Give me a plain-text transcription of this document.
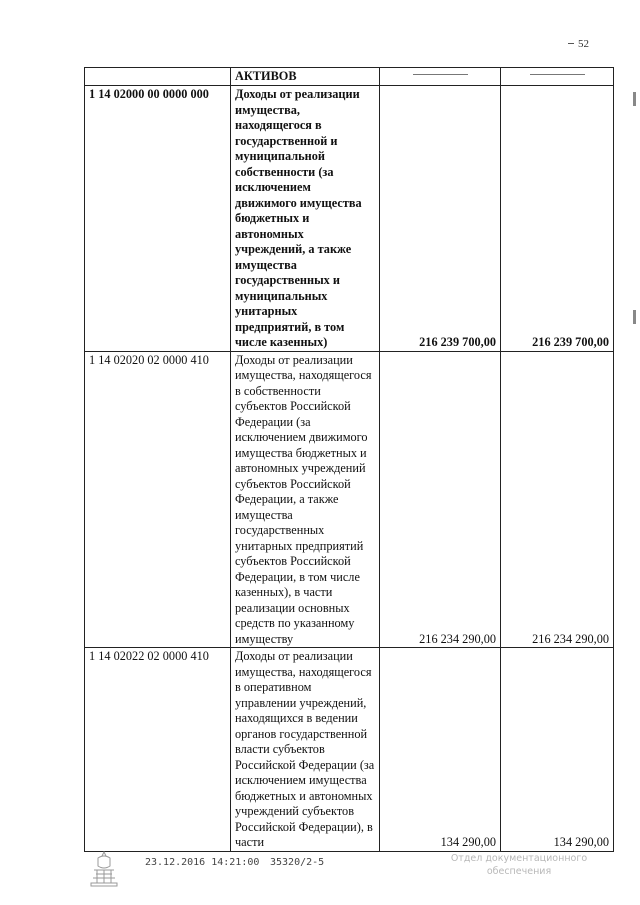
52
	АКТИВОВ	

1 14 02000 00 0000 000	Доходы от реализации имущества, находящегося в государственной и муниципальной собственности (за исключением движимого имущества бюджетных и автономных учреждений, а также имущества государственных и муниципальных унитарных предприятий, в том числе казенных)	216 239 700,00	216 239 700,00
1 14 02020 02 0000 410	Доходы от реализации имущества, находящегося в собственности субъектов Российской Федерации (за исключением движимого имущества бюджетных и автономных учреждений субъектов Российской Федерации, а также имущества государственных унитарных предприятий субъектов Российской Федерации, в том числе казенных), в части реализации основных средств по указанному имуществу	216 234 290,00	216 234 290,00
1 14 02022 02 0000 410	Доходы от реализации имущества, находящегося в оперативном управлении учреждений, находящихся в ведении органов государственной власти субъектов Российской Федерации (за исключением имущества бюджетных и автономных учреждений субъектов Российской Федерации), в части	134 290,00	134 290,00
23.12.2016 14:21:00 35320/2-5	Отдел документационного
обеспечения
